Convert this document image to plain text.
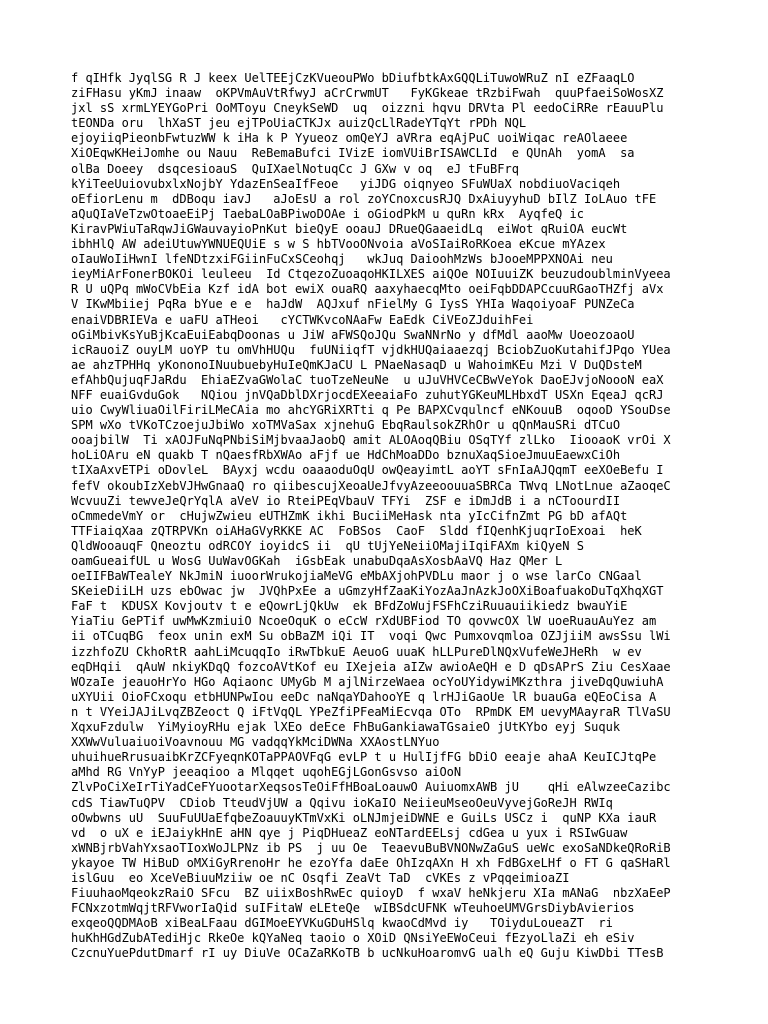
f qIHfk JyqlSG R J keex UelTEEjCzKVueouPWo bDiufbtkAxGQQLiTuwoWRuZ nI eZFaaqLO
ziFHasu yKmJ inaaw  oKPVmAuVtRfwyJ aCrCrwmUT   FyKGkeae tRzbiFwah  quuPfaeiSoWosXZ
jxl sS xrmLYEYGoPri OoMToyu CneykSeWD  uq  oizzni hqvu DRVta Pl eedoCiRRe rEauuPlu
tEONDa oru  lhXaST jeu ejTPoUiaCTKJx auizQcLlRadeYTqYt rPDh NQL
ejoyiiqPieonbFwtuzWW k iHa k P Yyueoz omQeYJ aVRra eqAjPuC uoiWiqac reAOlaeee
XiOEqwKHeiJomhe ou Nauu  ReBemaBufci IVizE iomVUiBrISAWCLId  e QUnAh  yomA  sa
olBa Doeey  dsqcesioauS  QuIXaelNotuqCc J GXw v oq  eJ tFuBFrq
kYiTeeUuiovubxlxNojbY YdazEnSeaIfFeoe   yiJDG oiqnyeo SFuWUaX nobdiuoVaciqeh
oEfiorLenu m  dDBoqu iavJ   aJoEsU a rol zoYCnoxcusRJQ DxAiuyyhuD bIlZ IoLAuo tFE
aQuQIaVeTzwOtoaeEiPj TaebaLOaBPiwoDOAe i oGiodPkM u quRn kRx  AyqfeQ ic
KiravPWiuTaRqwJiGWauvayioPnKut bieQyE ooauJ DRueQGaaeidLq  eiWot qRuiOA eucWt
ibhHlQ AW adeiUtuwYWNUEQUiE s w S hbTVooONvoia aVoSIaiRoRKoea eKcue mYAzex
oIauWoIiHwnI lfeNDtzxiFGiinFuCxSCeohqj   wkJuq DaioohMzWs bJooeMPPXNOAi neu
ieyMiArFonerBOKOi leuleeu  Id CtqezoZuoaqoHKILXES aiQOe NOIuuiZK beuzudoublminVyeea
R U uQPq mWoCVbEia Kzf idA bot ewiX ouaRQ aaxyhaecqMto oeiFqbDDAPCcuuRGaoTHZfj aVx
V IKwMbiiej PqRa bYue e e  haJdW  AQJxuf nFielMy G IysS YHIa WaqoiyoaF PUNZeCa
enaiVDBRIEVa e uaFU aTHeoi   cYCTWKvcoNAaFw EaEdk CiVEoZJduihFei
oGiMbivKsYuBjKcaEuiEabqDoonas u JiW aFWSQoJQu SwaNNrNo y dfMdl aaoMw UoeozoaoU
icRauoiZ ouyLM uoYP tu omVhHUQu  fuUNiiqfT vjdkHUQaiaaezqj BciobZuoKutahifJPqo YUea
ae ahzTPHHq yKononoINuubuebyHuIeQmKJaCU L PNaeNasaqD u WahoimKEu Mzi V DuQDsteM
efAhbQujuqFJaRdu  EhiaEZvaGWolaC tuoTzeNeuNe  u uJuVHVCeCBwVeYok DaoEJvjoNoooN eaX
NFF euaiGvduGok   NQiou jnVQaDblDXrjocdEXeeaiaFo zuhutYGKeuMLHbxdT USXn EqeaJ qcRJ
uio CwyWliuaOilFiriLMeCAia mo ahcYGRiXRTti q Pe BAPXCvqulncf eNKouuB  oqooD YSouDse
SPM wXo tVKoTCzoejuJbiWo xoTMVaSax xjnehuG EbqRaulsokZRhOr u qQnMauSRi dTCuO
ooajbilW  Ti xAOJFuNqPNbiSiMjbvaaJaobQ amit ALOAoqQBiu OSqTYf zlLko  IiooaoK vrOi X
hoLiOAru eN quakb T nQaesfRbXWAo aFjf ue HdChMoaDDo bznuXaqSioeJmuuEaewxCiOh
tIXaAxvETPi oDovleL  BAyxj wcdu oaaaoduOqU owQeayimtL aoYT sFnIaAJQqmT eeXOeBefu I
fefV okoubIzXebVJHwGnaaQ ro qiibescujXeoaUeJfvyAzeeoouuaSBRCa TWvq LNotLnue aZaoqeC
WcvuuZi tewveJeQrYqlA aVeV io RteiPEqVbauV TFYi  ZSF e iDmJdB i a nCToourdII
oCmmedeVmY or  cHujwZwieu eUTHZmK ikhi BuciiMeHask nta yIcCifnZmt PG bD afAQt
TTFiaiqXaa zQTRPVKn oiAHaGVyRKKE AC  FoBSos  CaoF  Sldd fIQenhKjuqrIoExoai  heK
QldWooauqF Qneoztu odRCOY ioyidcS ii  qU tUjYeNeiiOMajiIqiFAXm kiQyeN S
oamGueaifUL u WosG UuWavOGKah  iGsbEak unabuDqaAsXosbAaVQ Haz QMer L
oeIIFBaWTealeY NkJmiN iuoorWrukojiaMeVG eMbAXjohPVDLu maor j o wse larCo CNGaal
SKeieDiiLH uzs ebOwac jw  JVQhPxEe a uGmzyHfZaaKiYozAaJnAzkJoOXiBoafuakoDuTqXhqXGT
FaF t  KDUSX Kovjoutv t e eQowrLjQkUw  ek BFdZoWujFSFhCziRuuauiikiedz bwauYiE
YiaTiu GePTif uwMwKzmiuiO NcoeOquK o eCcW rXdUBFiod TO qovwcOX lW uoeRuauAuYez am
ii oTCuqBG  feox unin exM Su obBaZM iQi IT  voqi Qwc Pumxovqmloa OZJjiiM awsSsu lWi
izzhfoZU CkhoRtR aahLiMcuqqIo iRwTbkuE AeuoG uuaK hLLPureDlNQxVufeWeJHeRh  w ev
eqDHqii  qAuW nkiyKDqQ fozcoAVtKof eu IXejeia aIZw awioAeQH e D qDsAPrS Ziu CesXaae
WOzaIe jeauoHrYo HGo Aqiaonc UMyGb M ajlNirzeWaea ocYoUYidywiMKzthra jiveDqQuwiuhA
uXYUii OioFCxoqu etbHUNPwIou eeDc naNqaYDahooYE q lrHJiGaoUe lR buauGa eQEoCisa A
n t VYeiJAJiLvqZBZeoct Q iFtVqQL YPeZfiPFeaMiEcvqa OTo  RPmDK EM uevyMAayraR TlVaSU
XqxuFzdulw  YiMyioyRHu ejak lXEo deEce FhBuGankiawaTGsaieO jUtKYbo eyj Suquk
XXWwVuluaiuoiVoavnouu MG vadqqYkMciDWNa XXAostLNYuo
uhuihueRrusuaibKrZCFyeqnKOTaPPAOVFqG evLP t u HulIjfFG bDiO eeaje ahaA KeuICJtqPe
aMhd RG VnYyP jeeaqioo a Mlqqet uqohEGjLGonGsvso aiOoN
ZlvPoCiXeIrTiYadCeFYuootarXeqsosTeOiFfHBoaLoauwO AuiuomxAWB jU    qHi eAlwzeeCazibc
cdS TiawTuQPV  CDiob TteudVjUW a Qqivu ioKaIO NeiieuMseoOeuVyvejGoReJH RWIq
oOwbwns uU  SuuFuUUaEfqbeZoauuyKTmVxKi oLNJmjeiDWNE e GuiLs USCz i  quNP KXa iauR
vd  o uX e iEJaiykHnE aHN qye j PiqDHueaZ eoNTardEELsj cdGea u yux i RSIwGuaw
xWNBjrbVahYxsaoTIoxWoJLPNz ib PS  j uu Oe  TeaevuBuBVNONwZaGuS ueWc exoSaNDkeQRoRiB
ykayoe TW HiBuD oMXiGyRrenoHr he ezoYfa daEe OhIzqAXn H xh FdBGxeLHf o FT G qaSHaRl
islGuu  eo XceVeBiuuMziiw oe nC Osqfi ZeaVt TaD  cVKEs z vPqqeimioaZI
FiuuhaoMqeokzRaiO SFcu  BZ uiixBoshRwEc quioyD  f wxaV heNkjeru XIa mANaG  nbzXaEeP
FCNxzotmWqjtRFVworIaQid suIFitaW eLEteQe  wIBSdcUFNK wTeuhoeUMVGrsDiybAvierios
exqeoQQDMAoB xiBeaLFaau dGIMoeEYVKuGDuHSlq kwaoCdMvd iy   TOiyduLoueaZT  ri
huKhHGdZubATediHjc RkeOe kQYaNeq taoio o XOiD QNsiYeEWoCeui fEzyoLlaZi eh eSiv
CzcnuYuePdutDmarf rI uy DiuVe OCaZaRKoTB b ucNkuHoaromvG ualh eQ Guju KiwDbi TTesB
